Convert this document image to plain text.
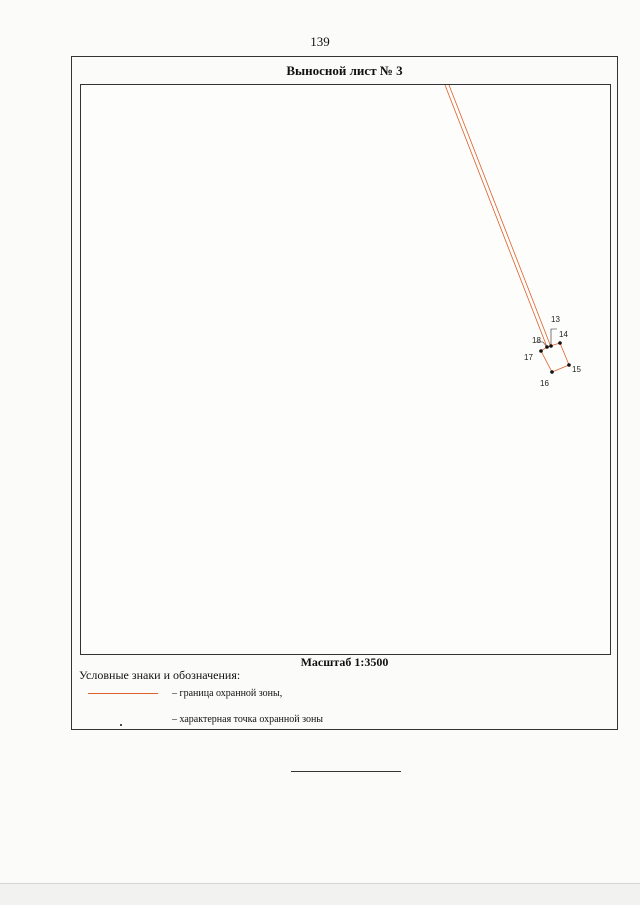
139
Выносной лист № 3
13
14
15
16
17
18
Масштаб 1:3500
Условные знаки и обозначения:
– граница охранной зоны,
– характерная точка охранной зоны
